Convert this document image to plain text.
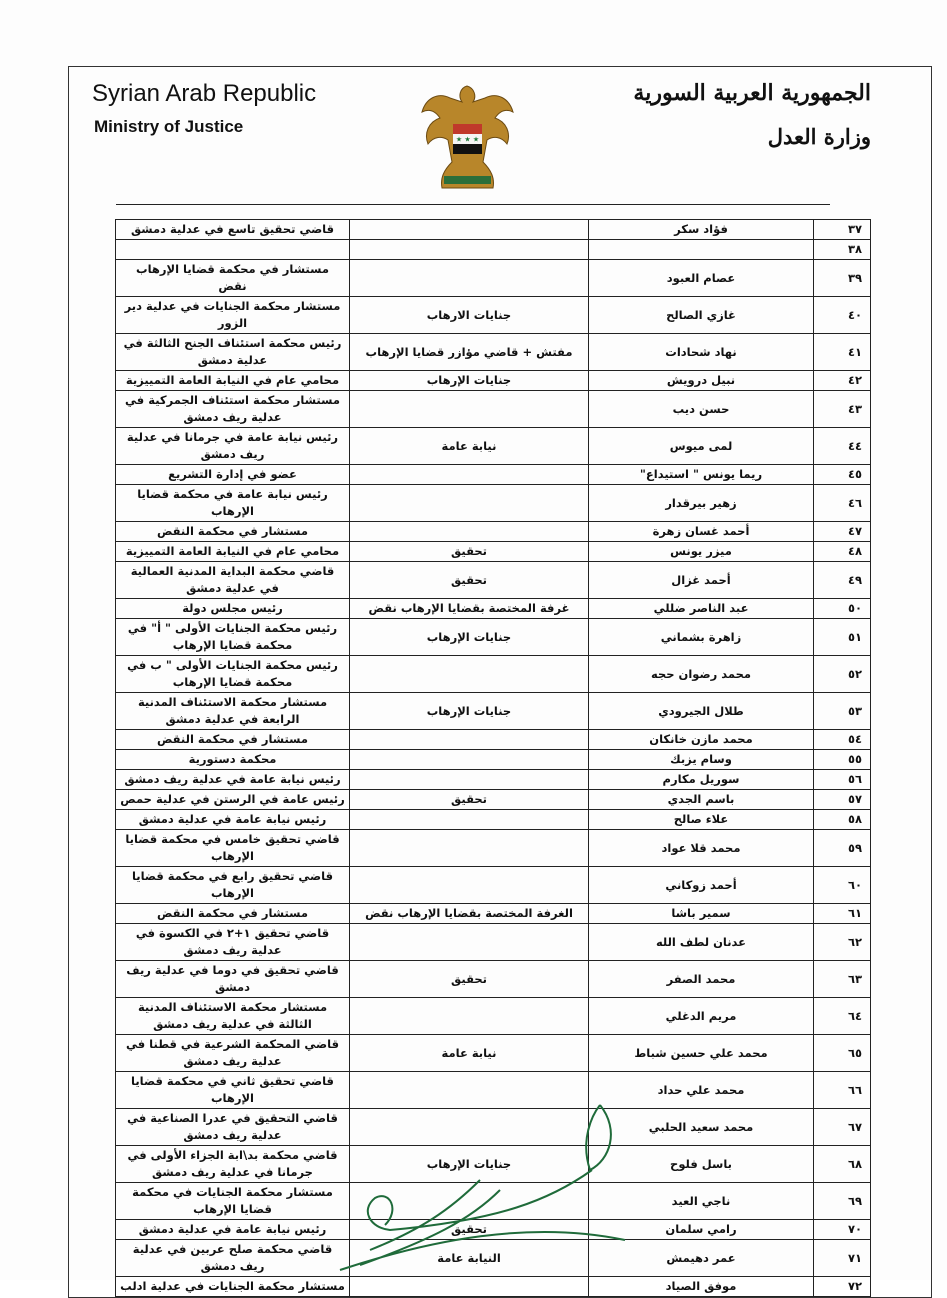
Syrian Arab Republic
Ministry of Justice
الجمهورية العربية السورية
وزارة العدل
★ ★ ★
٣٧	فؤاد سكر		قاضي تحقيق تاسع في عدلية دمشق
٣٨			
٣٩	عصام العبود		مستشار في محكمة قضايا الإرهاب نقض
٤٠	غازي الصالح	جنايات الارهاب	مستشار محكمة الجنايات في عدلية دير الزور
٤١	نهاد شحادات	مفتش + قاضي مؤازر قضايا الإرهاب	رئيس محكمة استئناف الجنح الثالثة في عدلية دمشق
٤٢	نبيل درويش	جنايات الإرهاب	محامي عام في النيابة العامة التمييزية
٤٣	حسن ديب		مستشار محكمة استئناف الجمركية في عدلية ريف دمشق
٤٤	لمى ميوس	نيابة عامة	رئيس نيابة عامة في جرمانا في عدلية ريف دمشق
٤٥	ريما يونس " استيداع"		عضو في إدارة التشريع
٤٦	زهير بيرقدار		رئيس نيابة عامة في محكمة قضايا الإرهاب
٤٧	أحمد غسان زهرة		مستشار في محكمة النقض
٤٨	ميزر يونس	تحقيق	محامي عام في النيابة العامة التمييزية
٤٩	أحمد غزال	تحقيق	قاضي محكمة البداية المدنية العمالية في عدلية دمشق
٥٠	عبد الناصر ضللي	غرفة المختصة بقضايا الإرهاب نقض	رئيس مجلس دولة
٥١	زاهرة بشماني	جنايات الإرهاب	رئيس محكمة الجنايات الأولى " أ" في محكمة قضايا الإرهاب
٥٢	محمد رضوان حجه		رئيس محكمة الجنايات الأولى " ب في محكمة قضايا الإرهاب
٥٣	طلال الجيرودي	جنايات الإرهاب	مستشار محكمة الاستئناف المدنية الرابعة في عدلية دمشق
٥٤	محمد مازن خانكان		مستشار في محكمة النقض
٥٥	وسام يزبك		محكمة دستورية
٥٦	سوريل مكارم		رئيس نيابة عامة في عدلية ريف دمشق
٥٧	باسم الجدي	تحقيق	رئيس عامة في الرستن في عدلية حمص
٥٨	علاء صالح		رئيس نيابة عامة في عدلية دمشق
٥٩	محمد قلا عواد		قاضي تحقيق خامس في محكمة قضايا الإرهاب
٦٠	أحمد زوكاني		قاضي تحقيق رابع في محكمة قضايا الإرهاب
٦١	سمير باشا	الغرفة المختصة بقضايا الإرهاب نقض	مستشار في محكمة النقض
٦٢	عدنان لطف الله		قاضي تحقيق ١+٢ في الكسوة في عدلية ريف دمشق
٦٣	محمد الصفر	تحقيق	قاضي تحقيق في دوما في عدلية ريف دمشق
٦٤	مريم الدغلي		مستشار محكمة الاستئناف المدنية الثالثة في عدلية ريف دمشق
٦٥	محمد علي حسين شباط	نيابة عامة	قاضي المحكمة الشرعية في قطنا في عدلية ريف دمشق
٦٦	محمد علي حداد		قاضي تحقيق ثاني في محكمة قضايا الإرهاب
٦٧	محمد سعيد الحلبي		قاضي التحقيق في عدرا الصناعية في عدلية ريف دمشق
٦٨	باسل فلوح	جنايات الإرهاب	قاضي محكمة بد\ابة الجزاء الأولى في جرمانا في عدلية ريف دمشق
٦٩	ناجي العيد		مستشار محكمة الجنايات في محكمة قضايا الإرهاب
٧٠	رامي سلمان	تحقيق	رئيس نيابة عامة في عدلية دمشق
٧١	عمر دهيمش	النيابة عامة	قاضي محكمة صلح عربين في عدلية ريف دمشق
٧٢	موفق الصياد		مستشار محكمة الجنايات في عدلية ادلب
